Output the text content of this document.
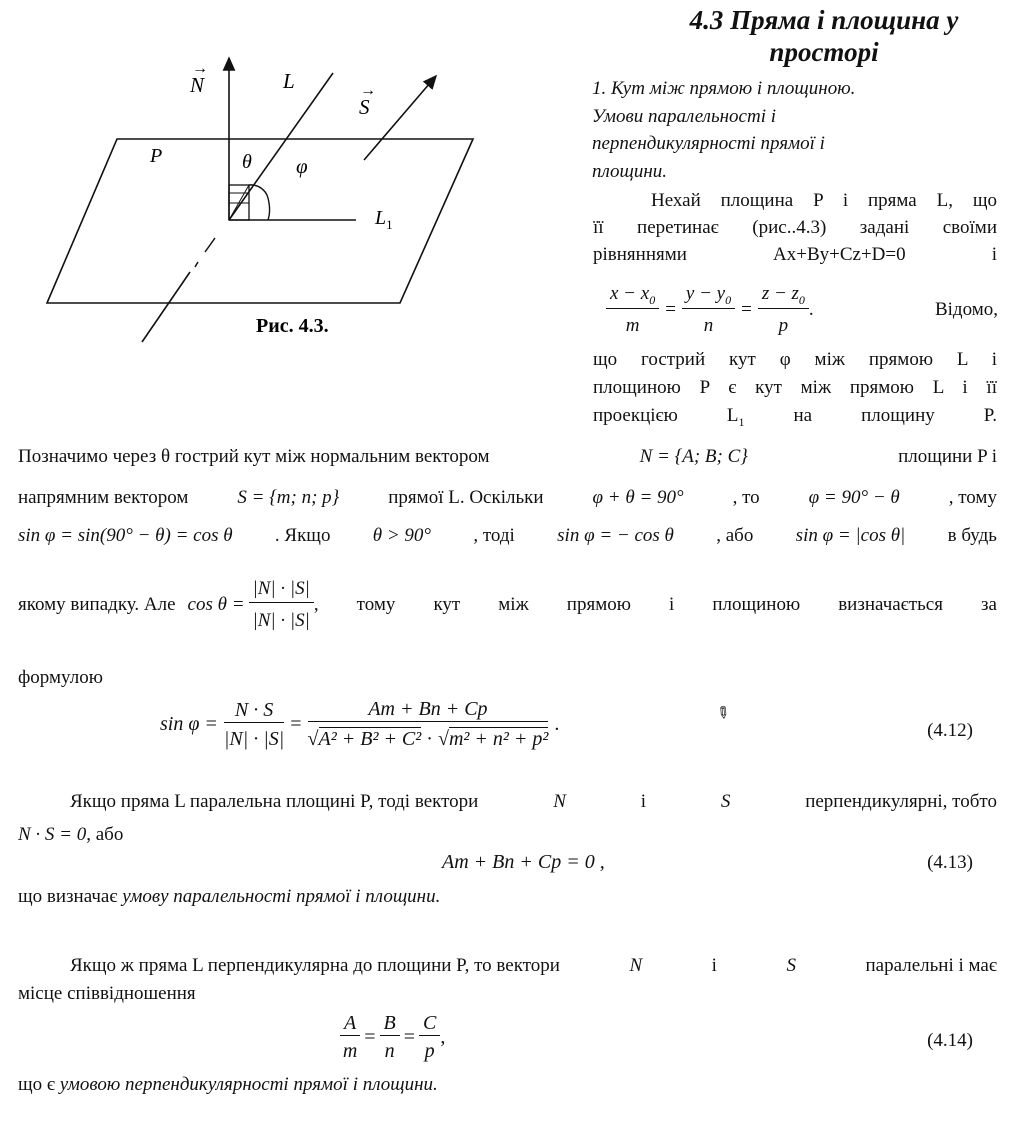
N
→
L
S
→
P	θ φ
$L_1$
Рис. 4.3.
4.3 Пряма і площина у
просторі
1. Кут між прямою і площиною.
Умови паралельності і
перпендикулярності прямої і
площини.
Нехай площина P і пряма L, що
її перетинає (рис..4.3) задані своїми
рівняннями	Ax+By+Cz+D=0	і
$\frac{x - x_0}{m} = \frac{y - y_0}{n} = \frac{z - z_0}{p}$ .	Відомо,
що гострий кут φ між прямою L і
площиною P є кут між прямою L і її
проекцією	$L_1$	на	площину	P.
Позначимо через θ гострий кут між нормальним вектором	N = {A; B; C}	площини P і
напрямним вектором	S = {m; n; p}	прямої L. Оскільки	φ + θ = 90°	, то	φ = 90° − θ	, тому
sin φ = sin(90° − θ) = cos θ . Якщо θ > 90° , тоді sin φ = − cos θ , або sin φ = |cos θ| в будь
якому випадку. Але $\cos \theta = \frac{|N| \cdot |S|}{|N| \cdot |S|}$ , тому кут між прямою і площиною визначається за
формулою
$\sin \varphi = \frac{N \cdot S}{|N| \cdot |S|} = \frac{Am + Bn + Cp}{\text{√A² + B² + C² · √m² + n² + p²}}$ .	(4.12)
✎
Якщо пряма L паралельна площині P, тоді вектори	N	і	S	перпендикулярні, тобто
N · S = 0, або
Am + Bn + Cp = 0 ,	(4.13)
що визначає умову паралельності прямої і площини.
Якщо ж пряма L перпендикулярна до площини P, то вектори	N	і	S	паралельні і має
місце співвідношення
$\frac{A}{m} = \frac{B}{n} = \frac{C}{p}$ ,	(4.14)
що є умовою перпендикулярності прямої і площини.
